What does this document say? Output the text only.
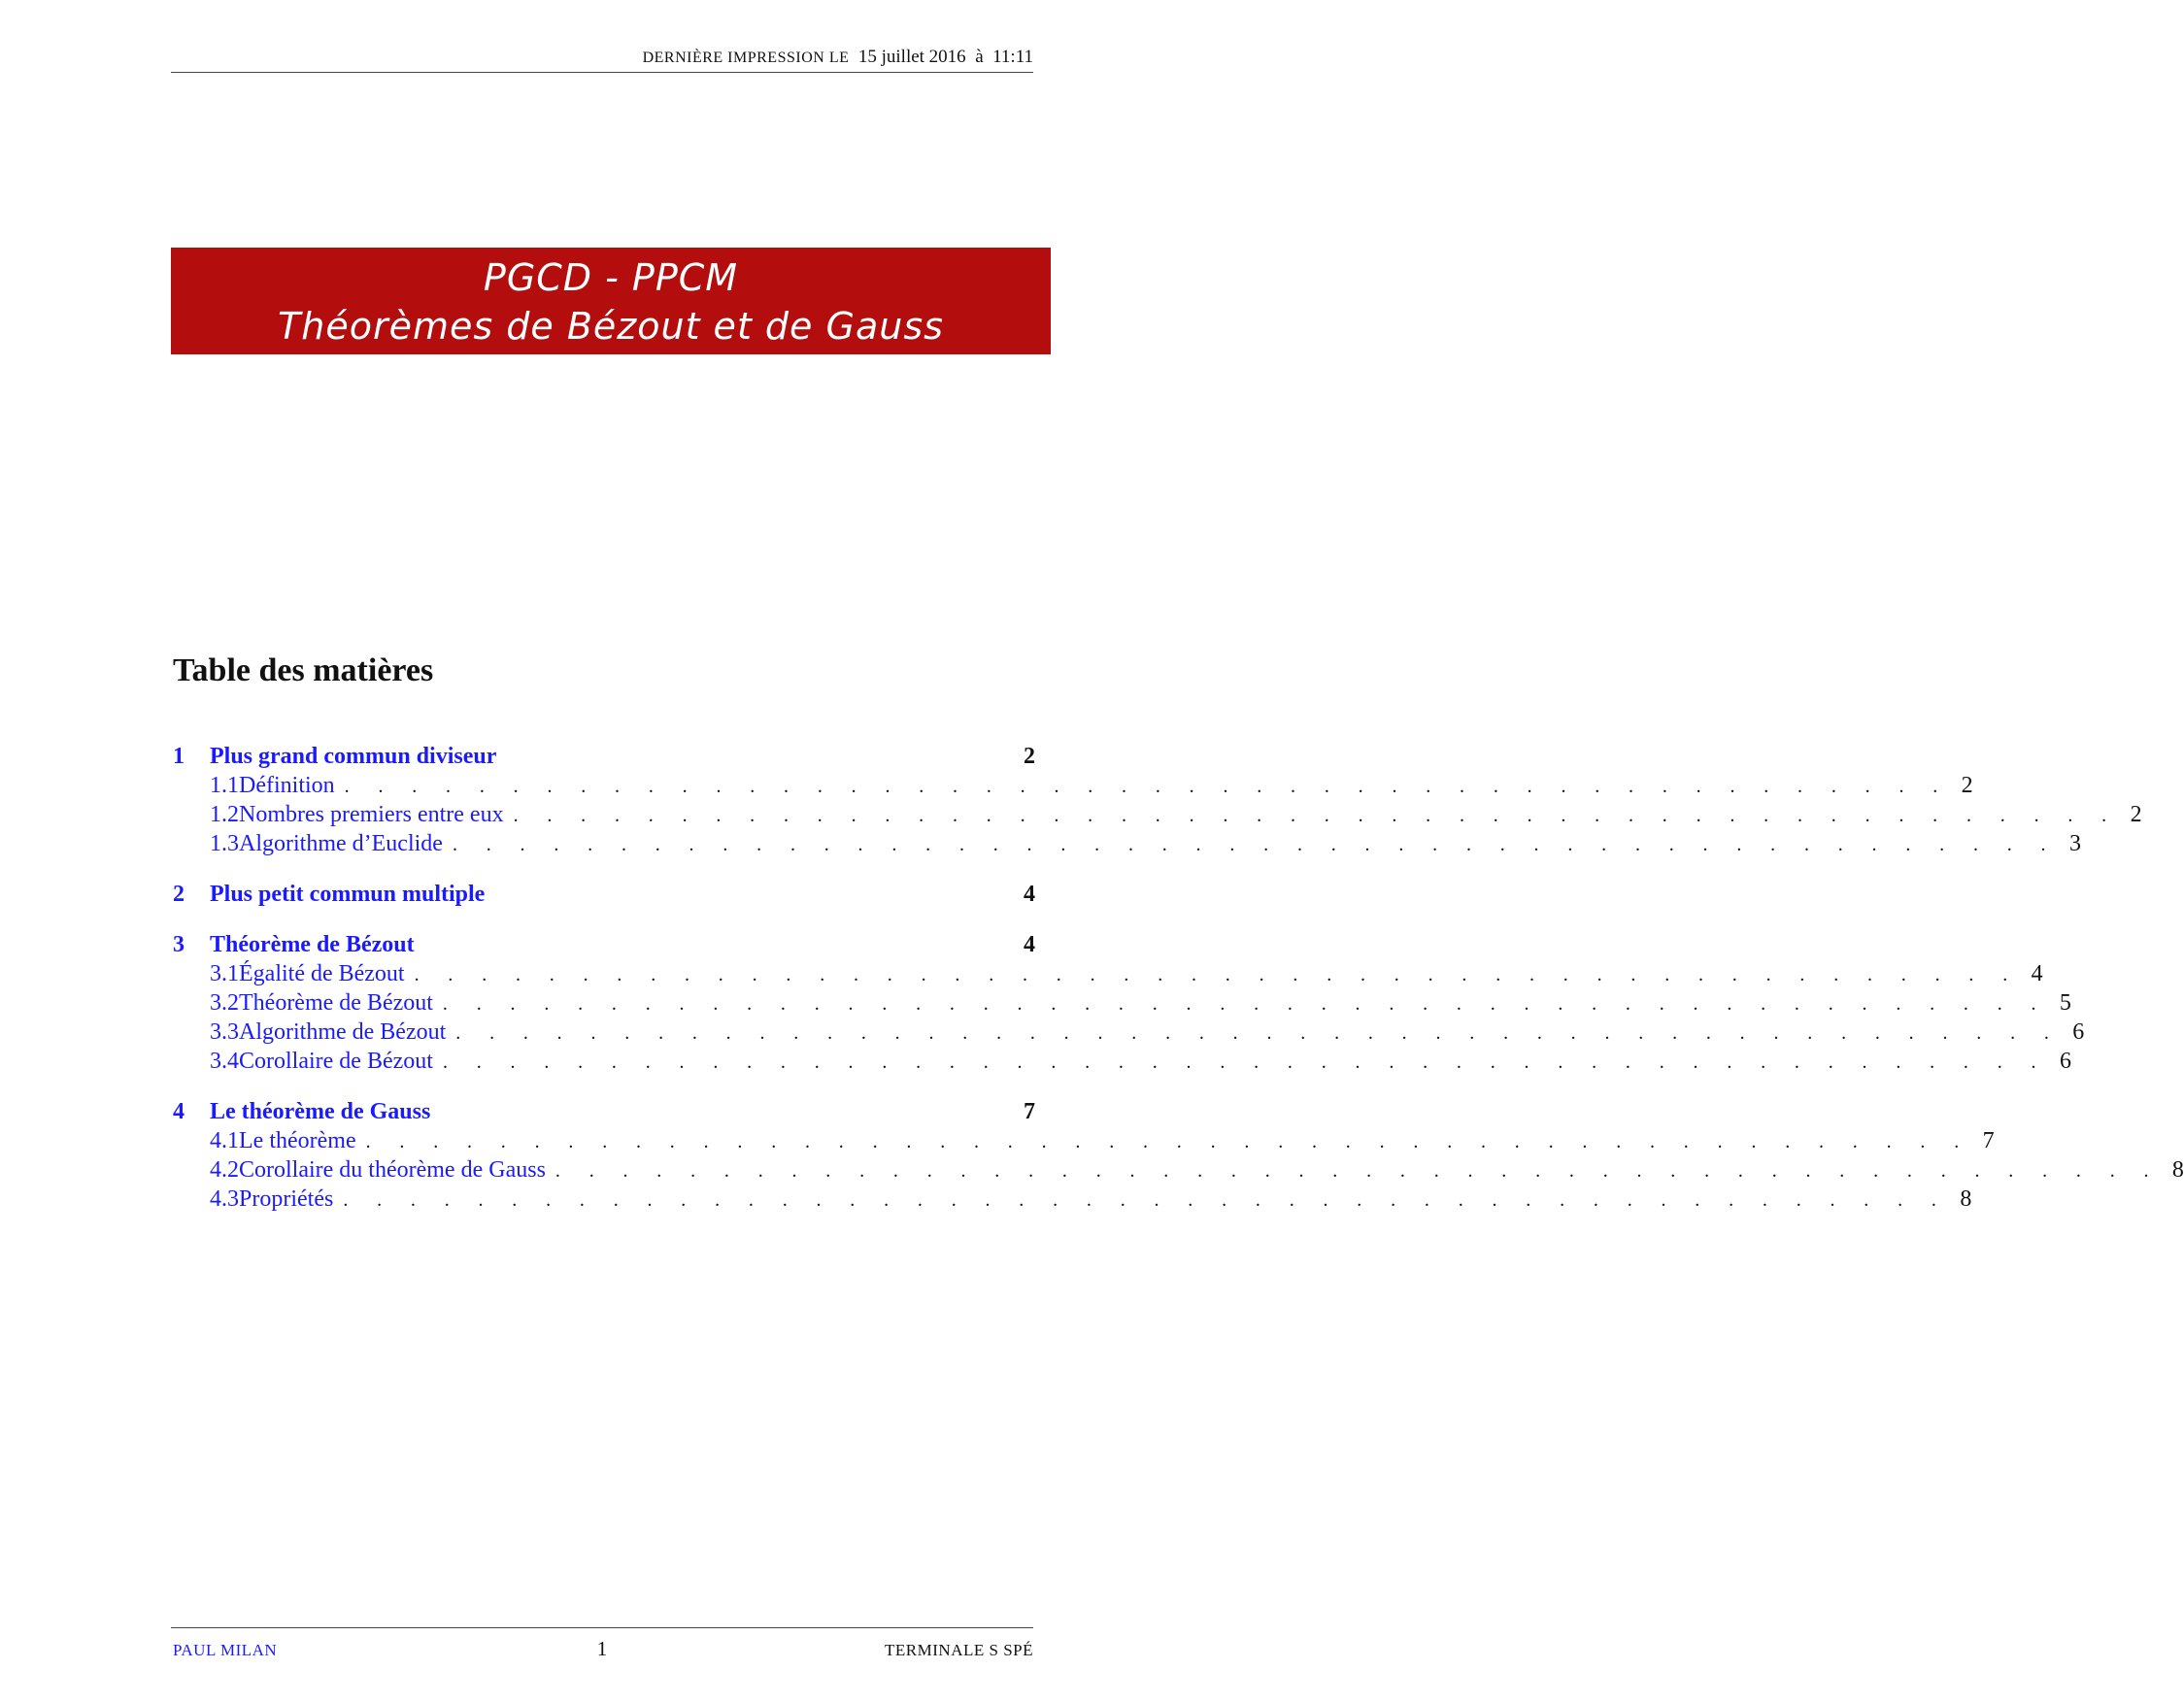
DERNIÈRE IMPRESSION LE 15 juillet 2016 à 11:11
PGCD - PPCM
Théorèmes de Bézout et de Gauss
Table des matières
1	Plus grand commun diviseur	2
1.1 Définition . . . . . . . . . . . . . . . . . . . . . . . . . . . . . . . . . . . . . . . . . . . . . . . . 2
1.2 Nombres premiers entre eux . . . . . . . . . . . . . . . . . . . . . . . . . . . . . . . . . . . . . . . . . . . . . . . . 2
1.3 Algorithme d’Euclide . . . . . . . . . . . . . . . . . . . . . . . . . . . . . . . . . . . . . . . . . . . . . . . . 3
2	Plus petit commun multiple	4
3	Théorème de Bézout	4
3.1 Égalité de Bézout . . . . . . . . . . . . . . . . . . . . . . . . . . . . . . . . . . . . . . . . . . . . . . . . 4
3.2 Théorème de Bézout . . . . . . . . . . . . . . . . . . . . . . . . . . . . . . . . . . . . . . . . . . . . . . . . 5
3.3 Algorithme de Bézout . . . . . . . . . . . . . . . . . . . . . . . . . . . . . . . . . . . . . . . . . . . . . . . . 6
3.4 Corollaire de Bézout . . . . . . . . . . . . . . . . . . . . . . . . . . . . . . . . . . . . . . . . . . . . . . . . 6
4	Le théorème de Gauss	7
4.1 Le théorème . . . . . . . . . . . . . . . . . . . . . . . . . . . . . . . . . . . . . . . . . . . . . . . . 7
4.2 Corollaire du théorème de Gauss . . . . . . . . . . . . . . . . . . . . . . . . . . . . . . . . . . . . . . . . . . . . . . . . 8
4.3 Propriétés . . . . . . . . . . . . . . . . . . . . . . . . . . . . . . . . . . . . . . . . . . . . . . . . 8
PAUL MILAN	1	TERMINALE S SPÉ
